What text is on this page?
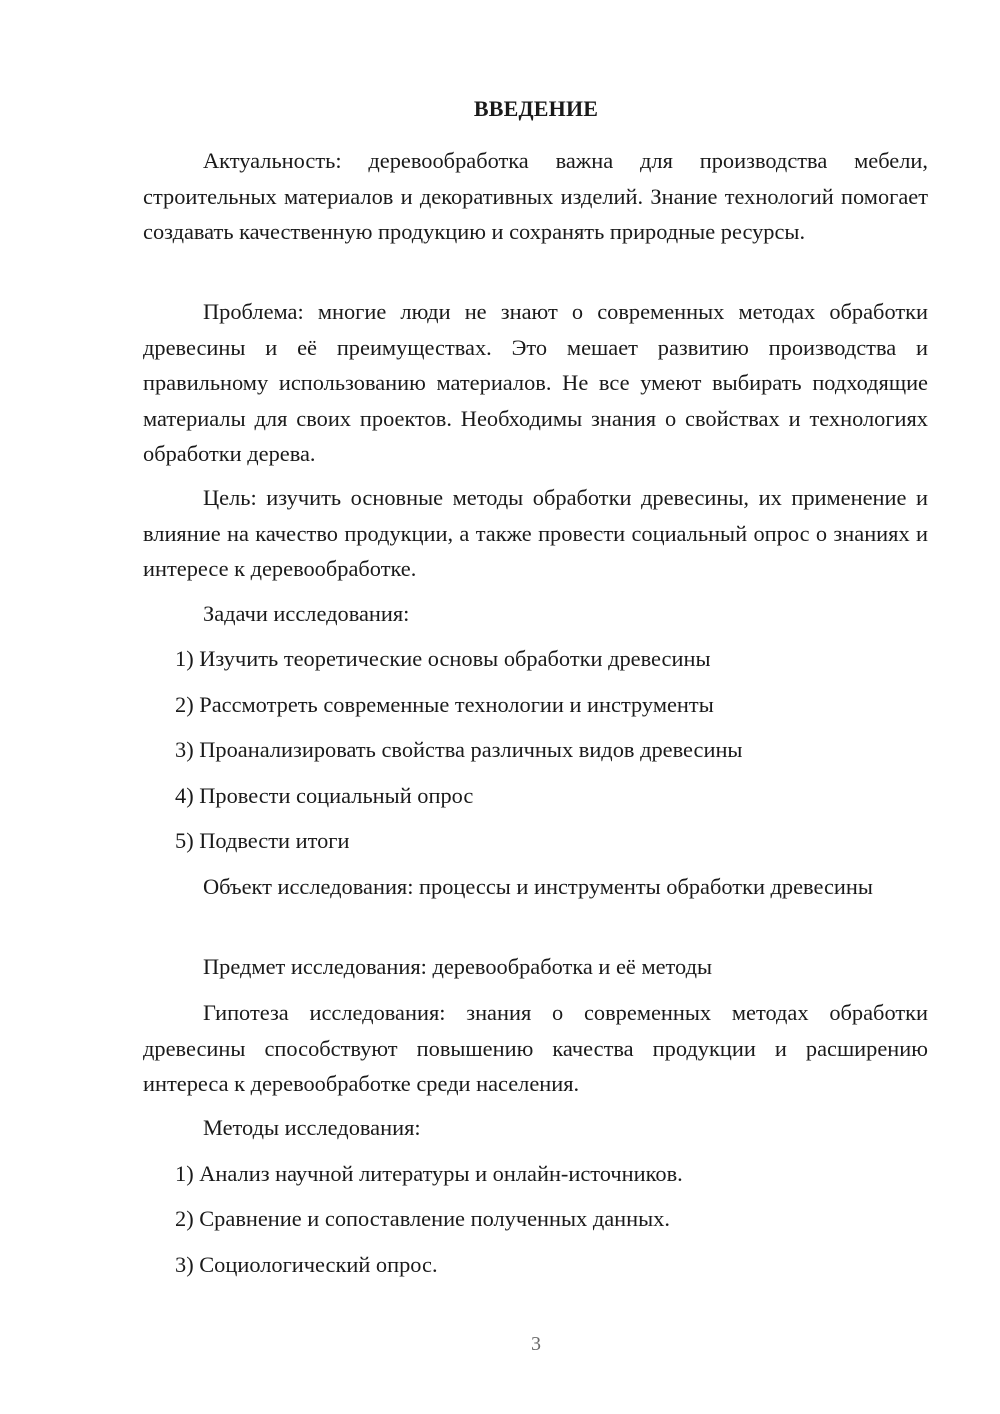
ВВЕДЕНИЕ

Актуальность: деревообработка важна для производства мебели, строительных материалов и декоративных изделий. Знание технологий помогает создавать качественную продукцию и сохранять природные ресурсы.

Проблема: многие люди не знают о современных методах обработки древесины и её преимуществах. Это мешает развитию производства и правильному использованию материалов. Не все умеют выбирать подходящие материалы для своих проектов. Необходимы знания о свойствах и технологиях обработки дерева.

Цель: изучить основные методы обработки древесины, их применение и влияние на качество продукции, а также провести социальный опрос о знаниях и интересе к деревообработке.

Задачи исследования:

1) Изучить теоретические основы обработки древесины

2) Рассмотреть современные технологии и инструменты

3) Проанализировать свойства различных видов древесины

4) Провести социальный опрос

5) Подвести итоги

Объект исследования: процессы и инструменты обработки древесины

Предмет исследования: деревообработка и её методы

Гипотеза исследования: знания о современных методах обработки древесины способствуют повышению качества продукции и расширению интереса к деревообработке среди населения.

Методы исследования:

1) Анализ научной литературы и онлайн-источников.

2) Сравнение и сопоставление полученных данных.

3) Социологический опрос.

3
